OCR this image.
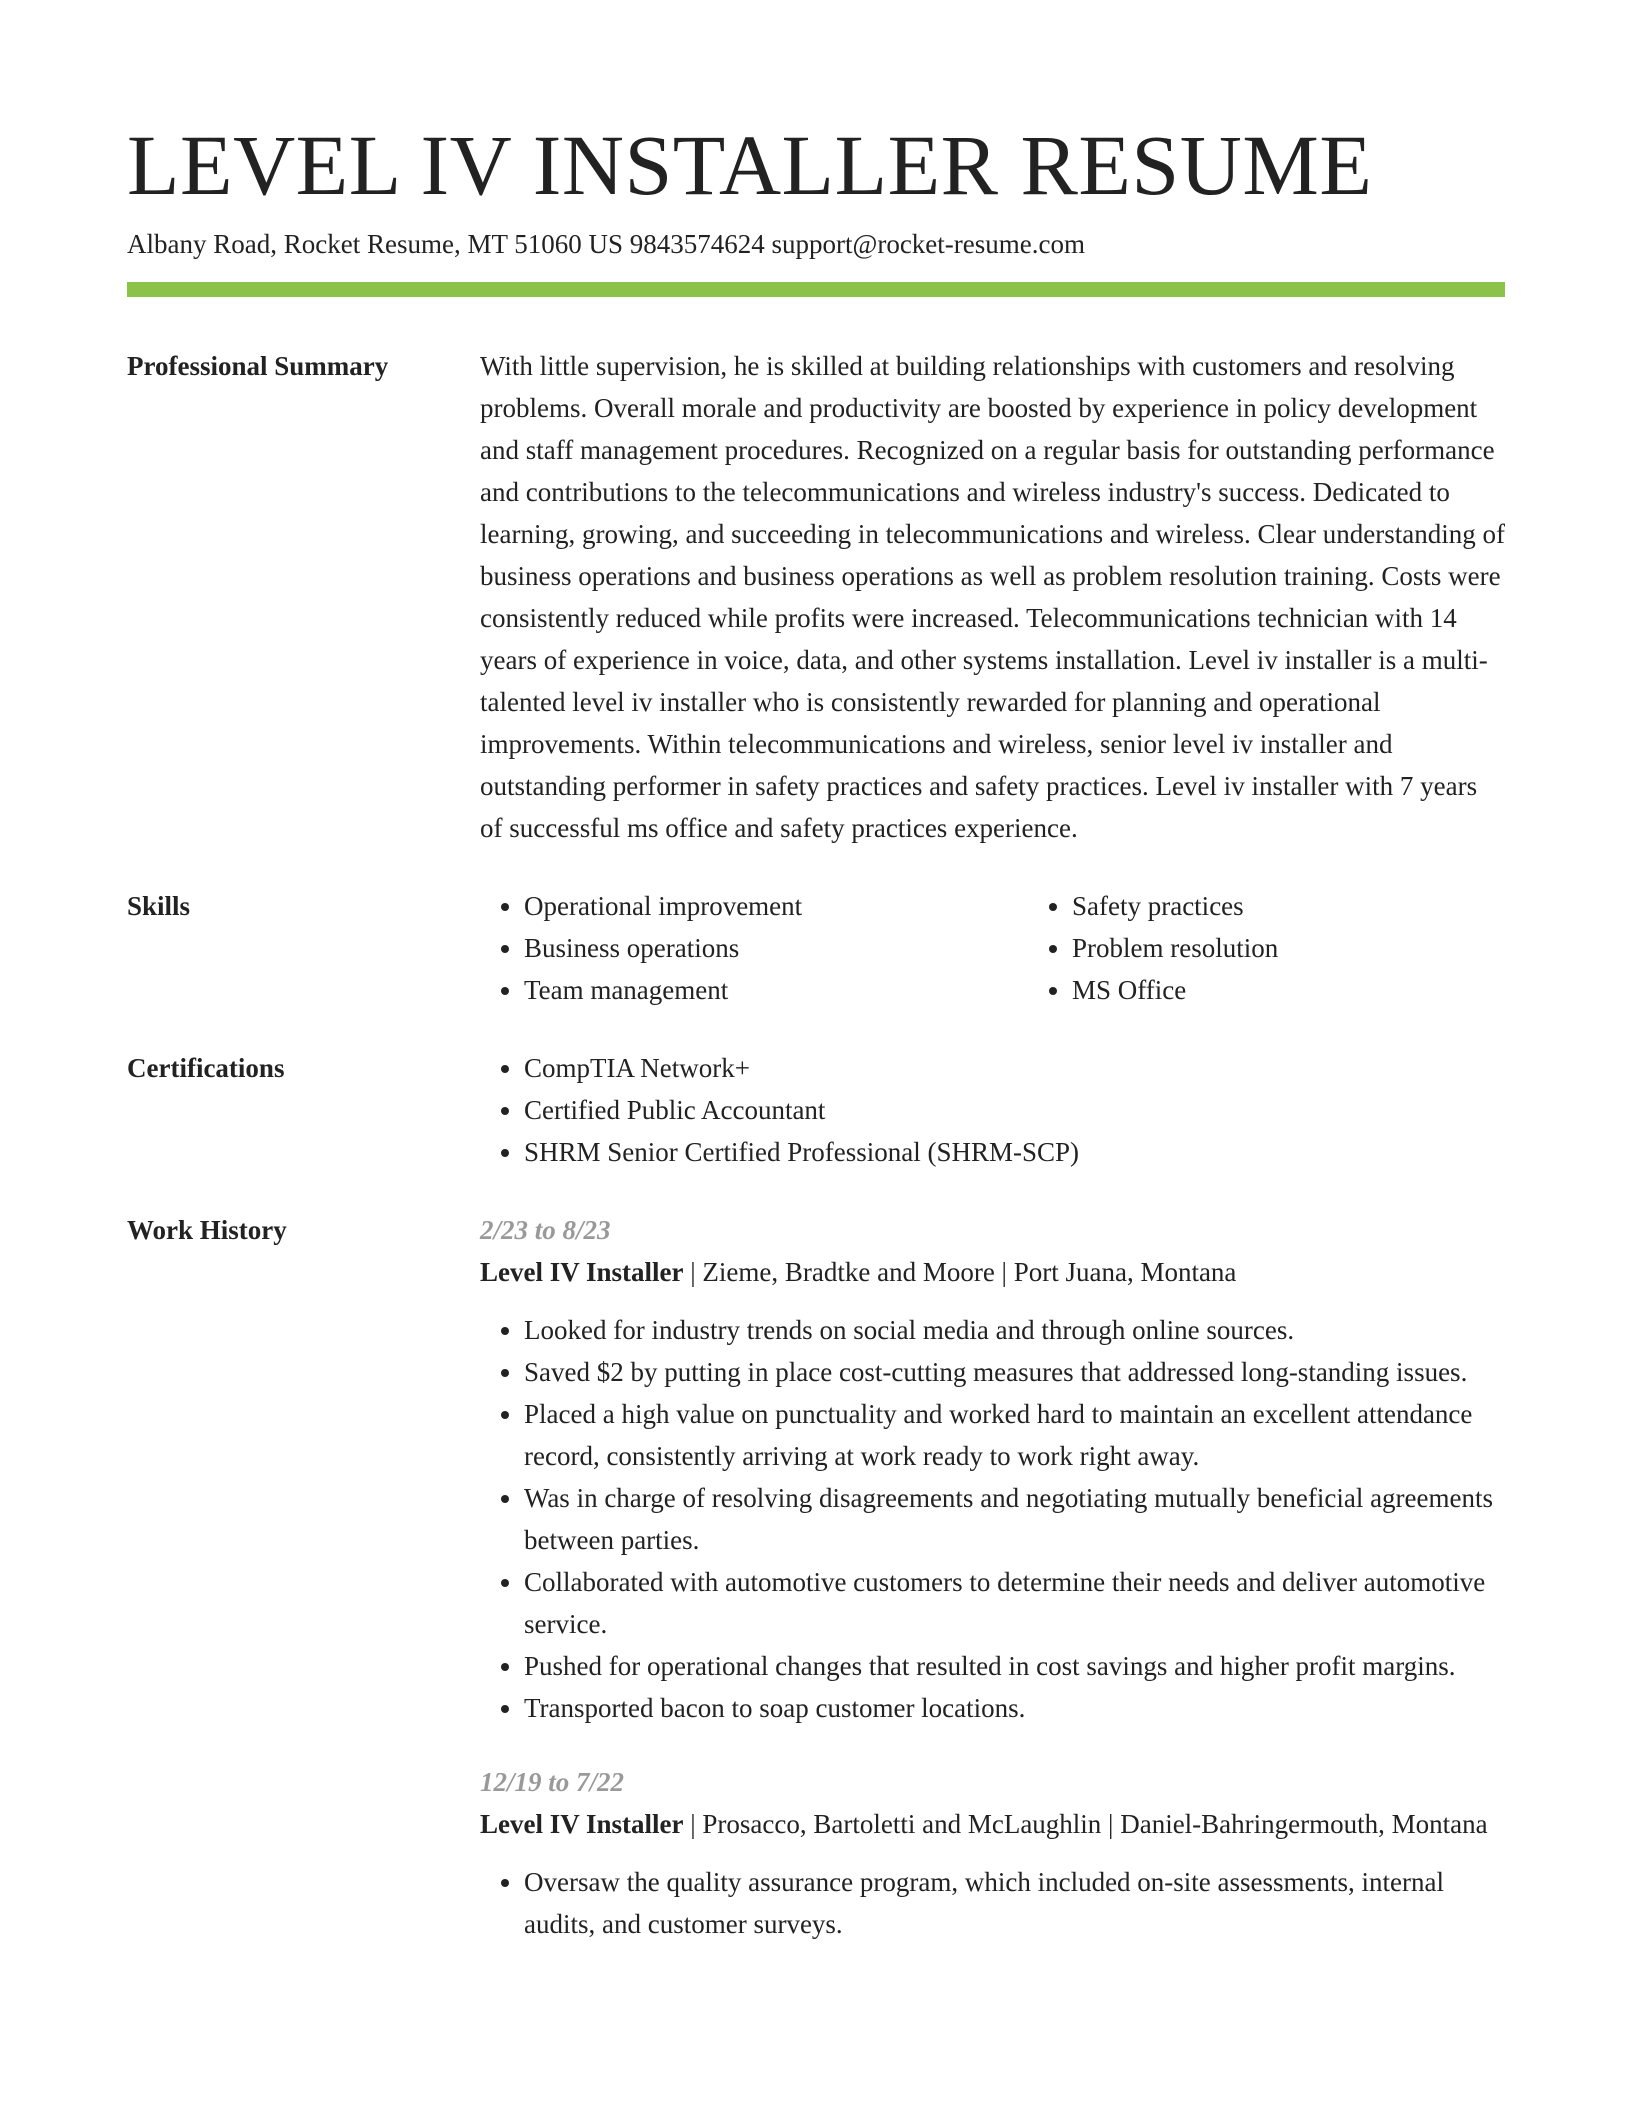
LEVEL IV INSTALLER RESUME
Albany Road, Rocket Resume, MT 51060 US 9843574624 support@rocket-resume.com
Professional Summary	With little supervision, he is skilled at building relationships with customers and resolving problems. Overall morale and productivity are boosted by experience in policy development and staff management procedures. Recognized on a regular basis for outstanding performance and contributions to the telecommunications and wireless industry's success. Dedicated to learning, growing, and succeeding in telecommunications and wireless. Clear understanding of business operations and business operations as well as problem resolution training. Costs were consistently reduced while profits were increased. Telecommunications technician with 14 years of experience in voice, data, and other systems installation. Level iv installer is a multi-talented level iv installer who is consistently rewarded for planning and operational improvements. Within telecommunications and wireless, senior level iv installer and outstanding performer in safety practices and safety practices. Level iv installer with 7 years of successful ms office and safety practices experience.

Skills	• Operational improvement
• Business operations
• Team management
• Safety practices
• Problem resolution
• MS Office
Certifications	• CompTIA Network+
• Certified Public Accountant
• SHRM Senior Certified Professional (SHRM-SCP)
Work History	2/23 to 8/23
Level IV Installer | Zieme, Bradtke and Moore | Port Juana, Montana
• Looked for industry trends on social media and through online sources.
• Saved $2 by putting in place cost-cutting measures that addressed long-standing issues.
• Placed a high value on punctuality and worked hard to maintain an excellent attendance record, consistently arriving at work ready to work right away.
• Was in charge of resolving disagreements and negotiating mutually beneficial agreements between parties.
• Collaborated with automotive customers to determine their needs and deliver automotive service.
• Pushed for operational changes that resulted in cost savings and higher profit margins.
• Transported bacon to soap customer locations.
12/19 to 7/22
Level IV Installer | Prosacco, Bartoletti and McLaughlin | Daniel-Bahringermouth, Montana
• Oversaw the quality assurance program, which included on-site assessments, internal audits, and customer surveys.
